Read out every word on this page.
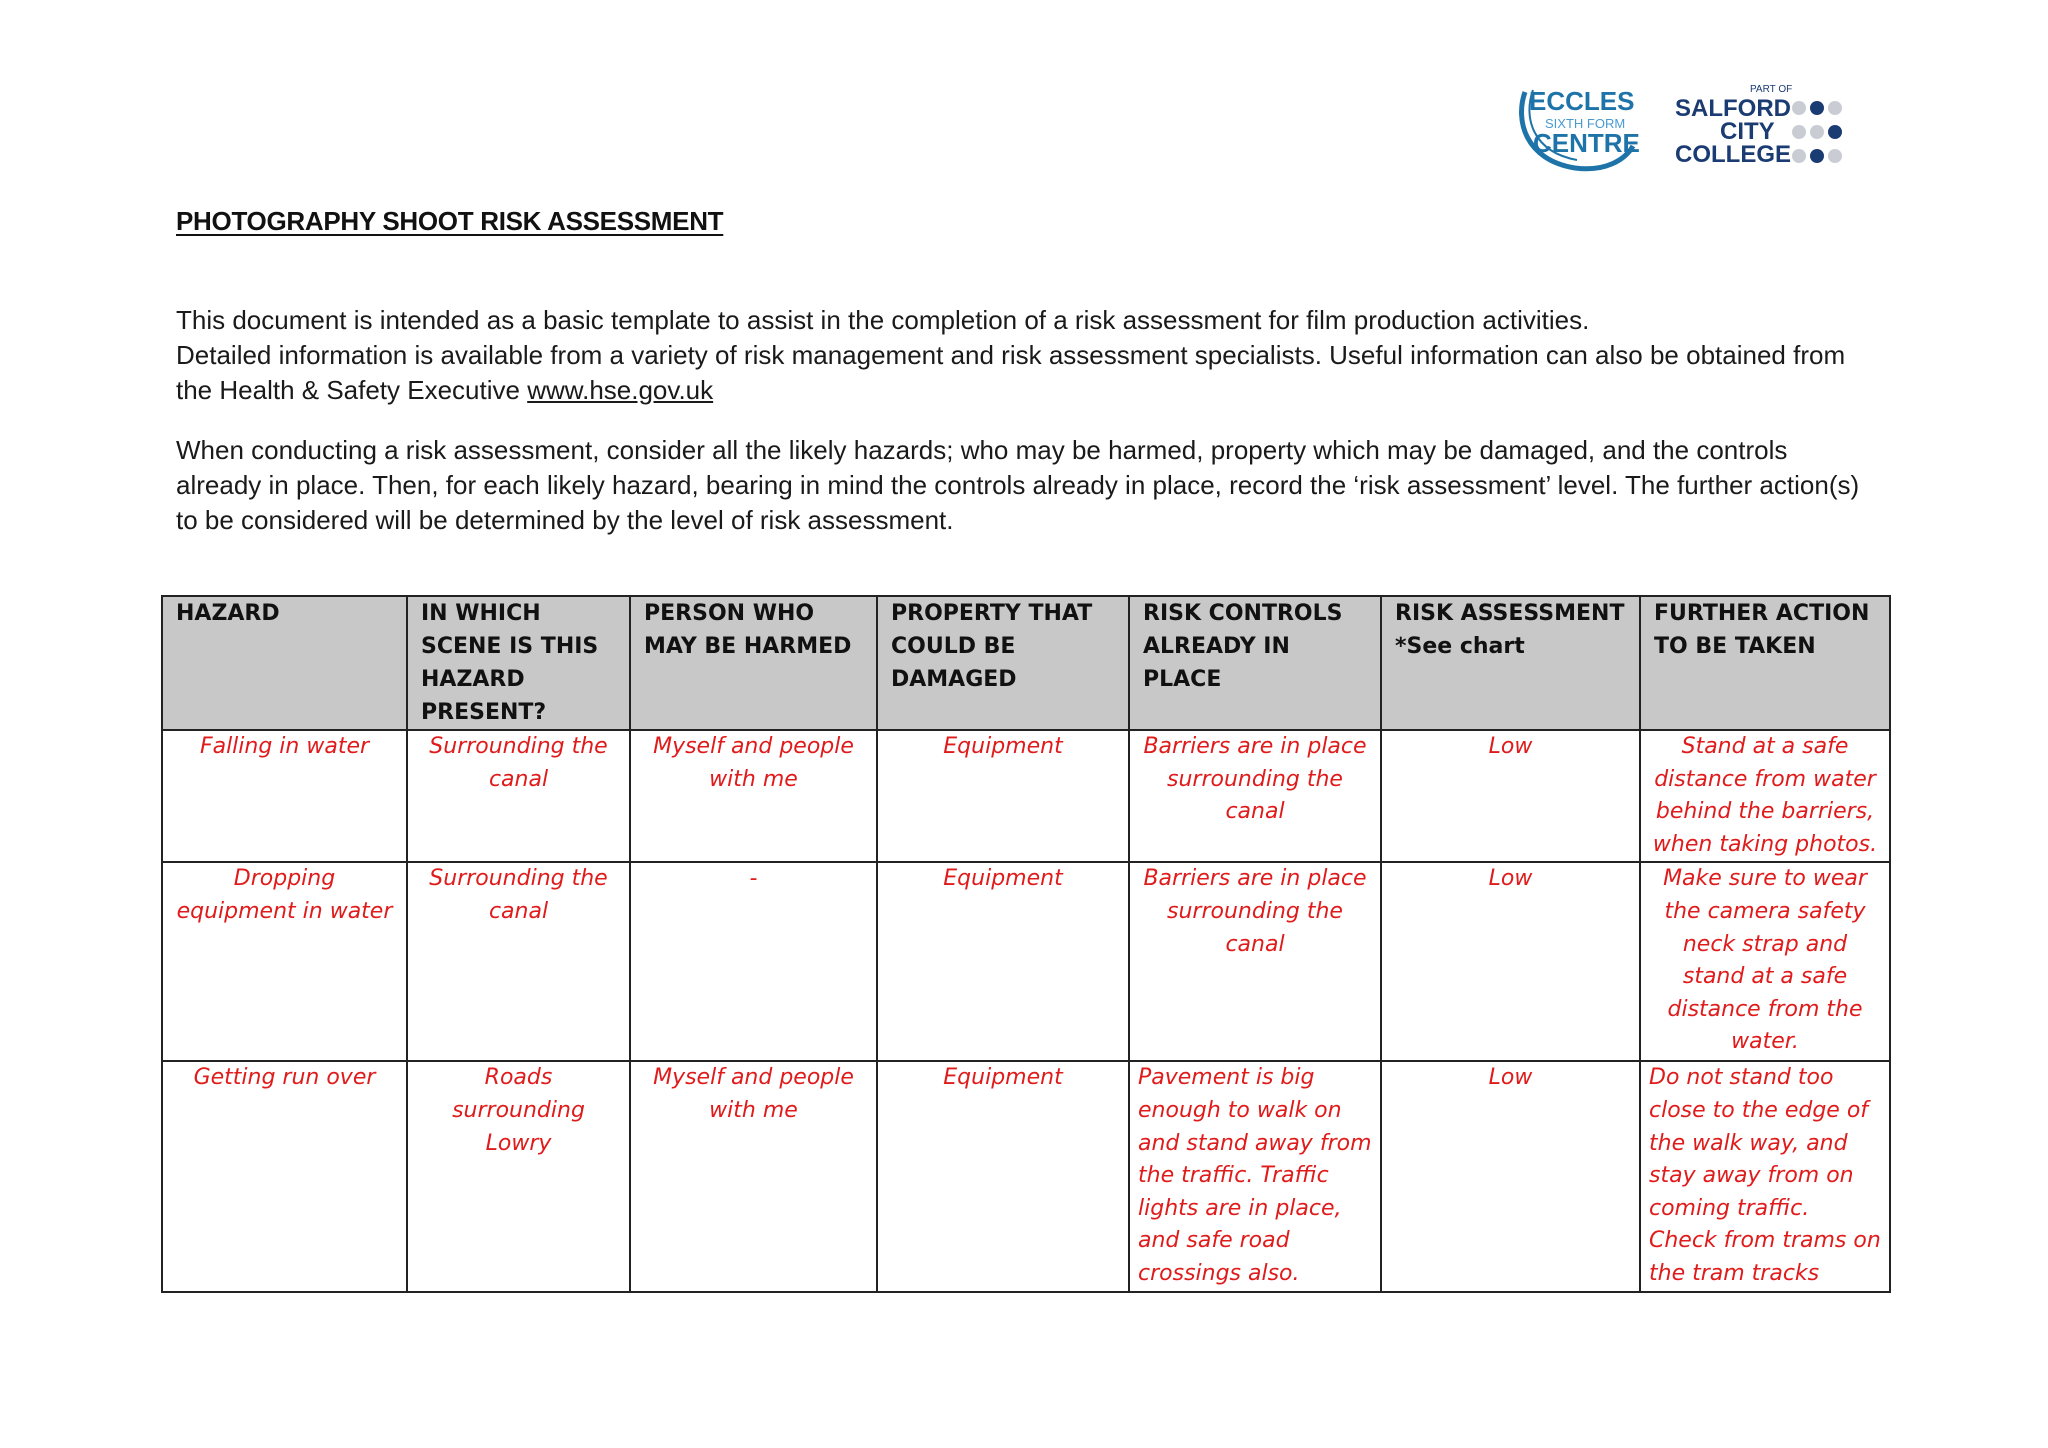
ECCLES
SIXTH FORM
CENTRE
PART OF
SALFORD
CITY
COLLEGE
PHOTOGRAPHY SHOOT RISK ASSESSMENT

This document is intended as a basic template to assist in the completion of a risk assessment for film production activities.
Detailed information is available from a variety of risk management and risk assessment specialists. Useful information can also be obtained from the Health & Safety Executive www.hse.gov.uk

When conducting a risk assessment, consider all the likely hazards; who may be harmed, property which may be damaged, and the controls already in place. Then, for each likely hazard, bearing in mind the controls already in place, record the ‘risk assessment’ level. The further action(s) to be considered will be determined by the level of risk assessment.

HAZARD	IN WHICH SCENE IS THIS HAZARD PRESENT?	PERSON WHO MAY BE HARMED	PROPERTY THAT COULD BE DAMAGED	RISK CONTROLS ALREADY IN PLACE	RISK ASSESSMENT *See chart	FURTHER ACTION TO BE TAKEN
Falling in water	Surrounding the canal	Myself and people with me	Equipment	Barriers are in place surrounding the canal	Low	Stand at a safe distance from water behind the barriers, when taking photos.
Dropping equipment in water	Surrounding the canal	-	Equipment	Barriers are in place surrounding the canal	Low	Make sure to wear the camera safety neck strap and stand at a safe distance from the water.
Getting run over	Roads surrounding Lowry	Myself and people with me	Equipment	Pavement is big enough to walk on and stand away from the traffic. Traffic lights are in place, and safe road crossings also.	Low	Do not stand too close to the edge of the walk way, and stay away from on coming traffic. Check from trams on the tram tracks
